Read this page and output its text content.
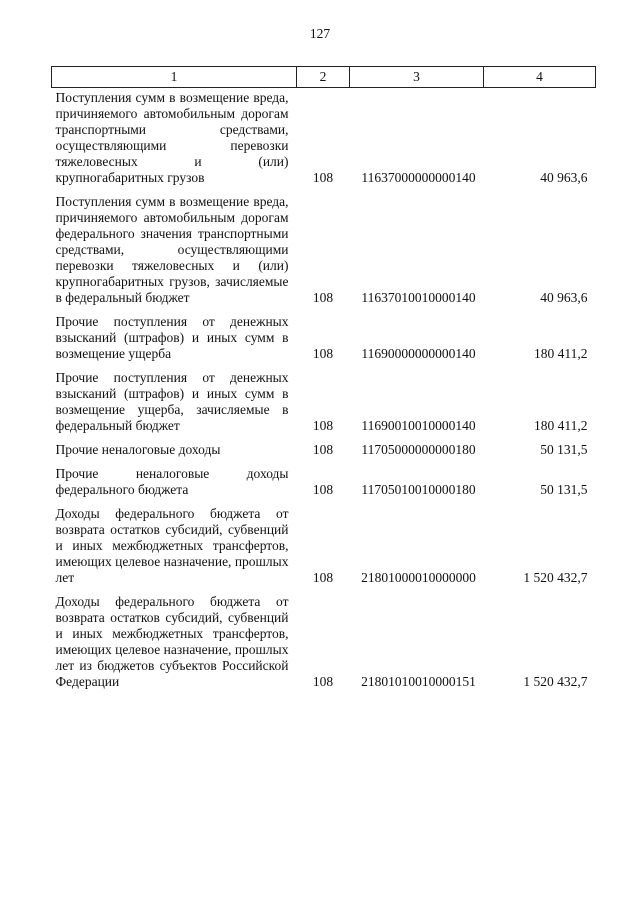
127
1	2	3	4
Поступления сумм в возмещение вреда, причиняемого автомобильным дорогам транспортными средствами, осуществляющими перевозки тяжеловесных и (или) крупногабаритных грузов	108	11637000000000140	40 963,6
Поступления сумм в возмещение вреда, причиняемого автомобильным дорогам федерального значения транспортными средствами, осуществляющими перевозки тяжеловесных и (или) крупногабаритных грузов, зачисляемые в федеральный бюджет	108	11637010010000140	40 963,6
Прочие поступления от денежных взысканий (штрафов) и иных сумм в возмещение ущерба	108	11690000000000140	180 411,2
Прочие поступления от денежных взысканий (штрафов) и иных сумм в возмещение ущерба, зачисляемые в федеральный бюджет	108	11690010010000140	180 411,2
Прочие неналоговые доходы	108	11705000000000180	50 131,5
Прочие неналоговые доходы федерального бюджета	108	11705010010000180	50 131,5
Доходы федерального бюджета от возврата остатков субсидий, субвенций и иных межбюджетных трансфертов, имеющих целевое назначение, прошлых лет	108	21801000010000000	1 520 432,7
Доходы федерального бюджета от возврата остатков субсидий, субвенций и иных межбюджетных трансфертов, имеющих целевое назначение, прошлых лет из бюджетов субъектов Российской Федерации	108	21801010010000151	1 520 432,7
